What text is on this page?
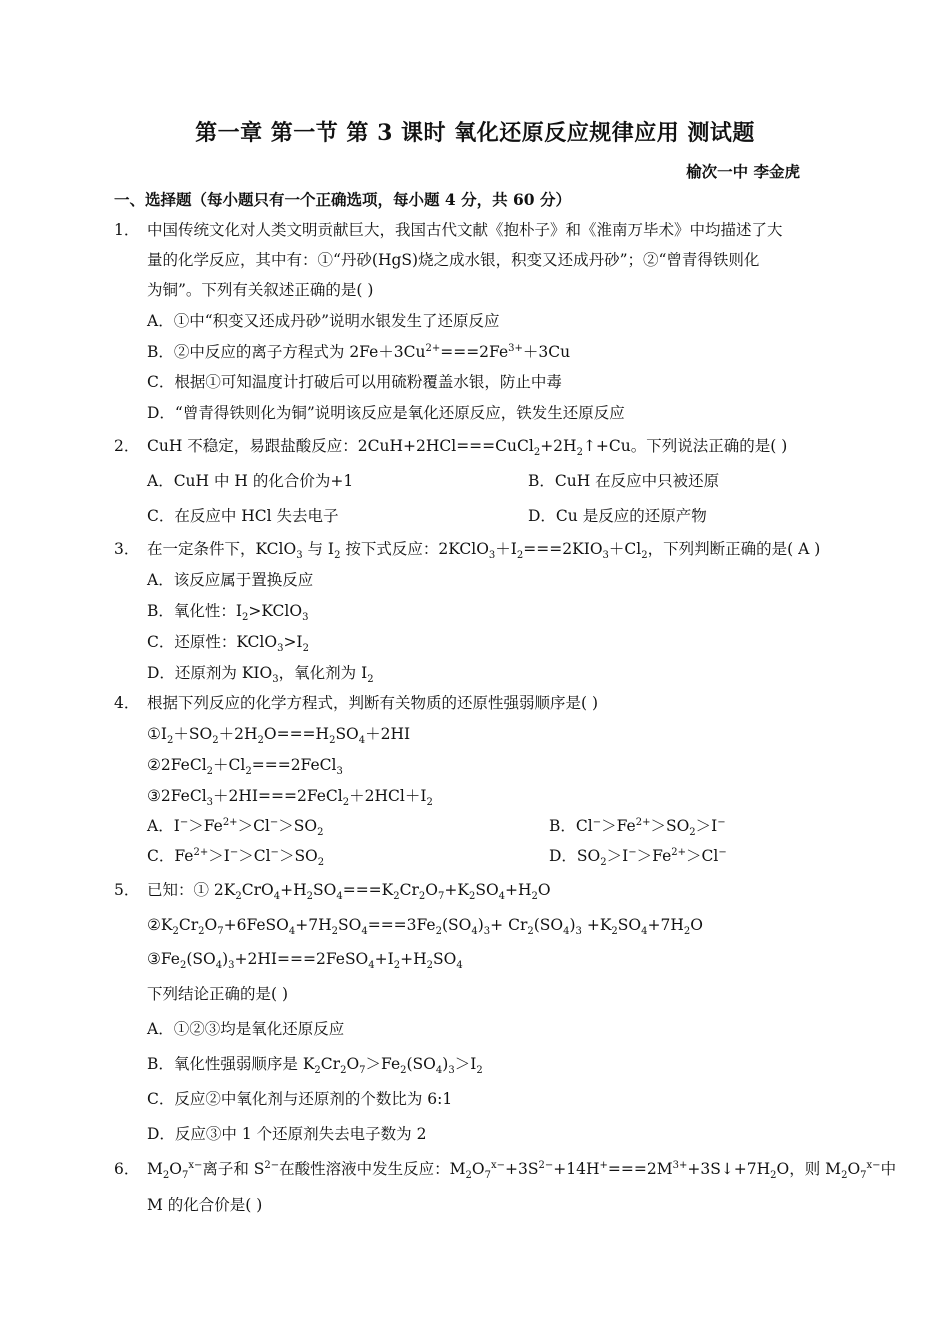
第一章 第一节 第 3 课时 氧化还原反应规律应用 测试题
榆次一中 李金虎
一、选择题（每小题只有一个正确选项，每小题 4 分，共 60 分）
1． 中国传统文化对人类文明贡献巨大，我国古代文献《抱朴子》和《淮南万毕术》中均描述了大
量的化学反应，其中有：①“丹砂(HgS)烧之成水银，积变又还成丹砂”；②“曾青得铁则化
为铜”。下列有关叙述正确的是( )
A．①中“积变又还成丹砂”说明水银发生了还原反应
B．②中反应的离子方程式为 $2Fe+3Cu^{2+}===2Fe^{3+}+3Cu$
C．根据①可知温度计打破后可以用硫粉覆盖水银，防止中毒
D．“曾青得铁则化为铜”说明该反应是氧化还原反应，铁发生还原反应
2． CuH 不稳定，易跟盐酸反应：$2CuH+2HCl===CuCl_2+2H_2↑+Cu$。下列说法正确的是( )
A．CuH 中 H 的化合价为+1	B．CuH 在反应中只被还原
C．在反应中 HCl 失去电子	D．Cu 是反应的还原产物
3． 在一定条件下，KClO$_3$ 与 $I_2$ 按下式反应：$2KClO_3+I_2===2KIO_3+Cl_2$，下列判断正确的是( A )
A．该反应属于置换反应
B．氧化性：$I_2>KClO_3$
C．还原性：$KClO_3>I_2$
D．还原剂为 $KIO_3$，氧化剂为 $I_2$
4． 根据下列反应的化学方程式，判断有关物质的还原性强弱顺序是( )
$①I_2+SO_2+2H_2O===H_2SO_4+2HI$
$②2FeCl_2+Cl_2===2FeCl_3$
$③2FeCl_3+2HI===2FeCl_2+2HCl+I_2$
A．$I^->Fe^{2+}>Cl^->SO_2$	B．$Cl^->Fe^{2+}>SO_2>I^-$
C．$Fe^{2+}>I^->Cl^->SO_2$	D．$SO_2>I^->Fe^{2+}>Cl^-$
5． 已知：① $2K_2CrO_4+H_2SO_4===K_2Cr_2O_7+K_2SO_4+H_2O$
$②K_2Cr_2O_7+6FeSO_4+7H_2SO_4===3Fe_2(SO_4)_3+ Cr_2(SO_4)_3 +K_2SO_4+7H_2O$
$③Fe_2(SO_4)_3+2HI===2FeSO_4+I_2+H_2SO_4$
下列结论正确的是( )
A．①②③均是氧化还原反应
B．氧化性强弱顺序是 $K_2Cr_2O_7>Fe_2(SO_4)_3>I_2$
C．反应②中氧化剂与还原剂的个数比为 6:1
D．反应③中 1 个还原剂失去电子数为 2
6． $M_2O_7^{x-}$离子和 $S^{2-}$在酸性溶液中发生反应：$M_2O_7^{x-}+3S^{2-}+14H^+===2M^{3+}+3S↓+7H_2O$，则 $M_2O_7^{x-}$中
M 的化合价是( )
